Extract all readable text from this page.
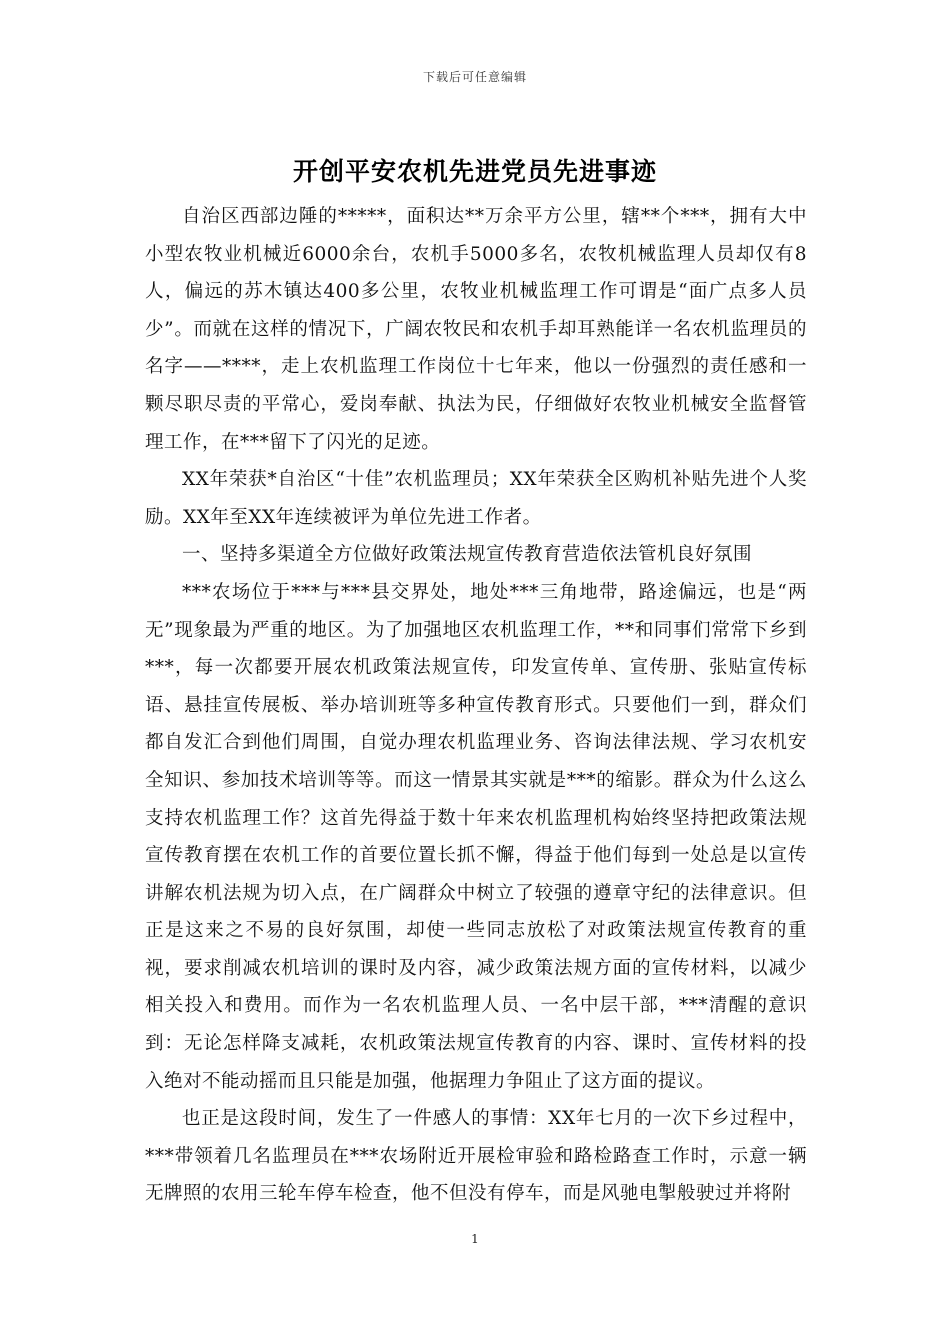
下载后可任意编辑
开创平安农机先进党员先进事迹

自治区西部边陲的*****，面积达**万余平方公里，辖**个***，拥有大中小型农牧业机械近6000余台，农机手5000多名，农牧机械监理人员却仅有8人，偏远的苏木镇达400多公里，农牧业机械监理工作可谓是“面广点多人员少”。而就在这样的情况下，广阔农牧民和农机手却耳熟能详一名农机监理员的名字——****，走上农机监理工作岗位十七年来，他以一份强烈的责任感和一颗尽职尽责的平常心，爱岗奉献、执法为民，仔细做好农牧业机械安全监督管理工作，在***留下了闪光的足迹。

XX年荣获*自治区“十佳”农机监理员；XX年荣获全区购机补贴先进个人奖励。XX年至XX年连续被评为单位先进工作者。

一、坚持多渠道全方位做好政策法规宣传教育营造依法管机良好氛围

***农场位于***与***县交界处，地处***三角地带，路途偏远，也是“两无”现象最为严重的地区。为了加强地区农机监理工作，**和同事们常常下乡到***，每一次都要开展农机政策法规宣传，印发宣传单、宣传册、张贴宣传标语、悬挂宣传展板、举办培训班等多种宣传教育形式。只要他们一到，群众们都自发汇合到他们周围，自觉办理农机监理业务、咨询法律法规、学习农机安全知识、参加技术培训等等。而这一情景其实就是***的缩影。群众为什么这么支持农机监理工作？这首先得益于数十年来农机监理机构始终坚持把政策法规宣传教育摆在农机工作的首要位置长抓不懈，得益于他们每到一处总是以宣传讲解农机法规为切入点，在广阔群众中树立了较强的遵章守纪的法律意识。但正是这来之不易的良好氛围，却使一些同志放松了对政策法规宣传教育的重视，要求削减农机培训的课时及内容，减少政策法规方面的宣传材料，以减少相关投入和费用。而作为一名农机监理人员、一名中层干部，***清醒的意识到：无论怎样降支减耗，农机政策法规宣传教育的内容、课时、宣传材料的投入绝对不能动摇而且只能是加强，他据理力争阻止了这方面的提议。

也正是这段时间，发生了一件感人的事情：XX年七月的一次下乡过程中，***带领着几名监理员在***农场附近开展检审验和路检路查工作时，示意一辆无牌照的农用三轮车停车检查，他不但没有停车，而是风驰电掣般驶过并将附

1
